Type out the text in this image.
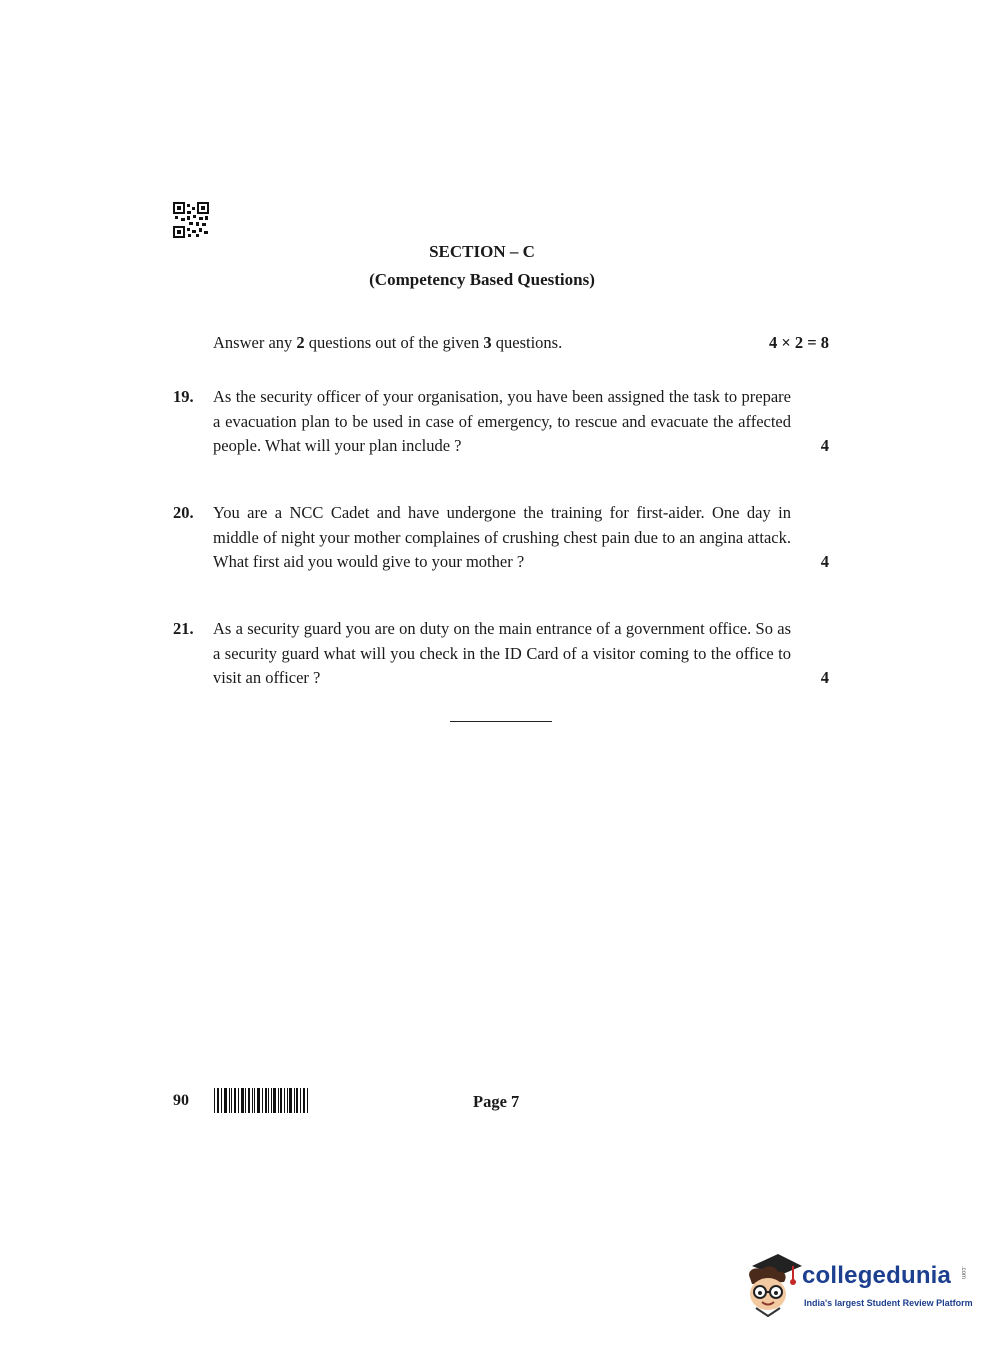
SECTION – C
(Competency Based Questions)
Answer any 2 questions out of the given 3 questions.	4 × 2 = 8
19. As the security officer of your organisation, you have been assigned the task to prepare a evacuation plan to be used in case of emergency, to rescue and evacuate the affected people. What will your plan include ?	4
20. You are a NCC Cadet and have undergone the training for first-aider. One day in middle of night your mother complaines of crushing chest pain due to an angina attack. What first aid you would give to your mother ?	4
21. As a security guard you are on duty on the main entrance of a government office. So as a security guard what will you check in the ID Card of a visitor coming to the office to visit an officer ?	4
90	Page 7
collegedunia .com
India's largest Student Review Platform
